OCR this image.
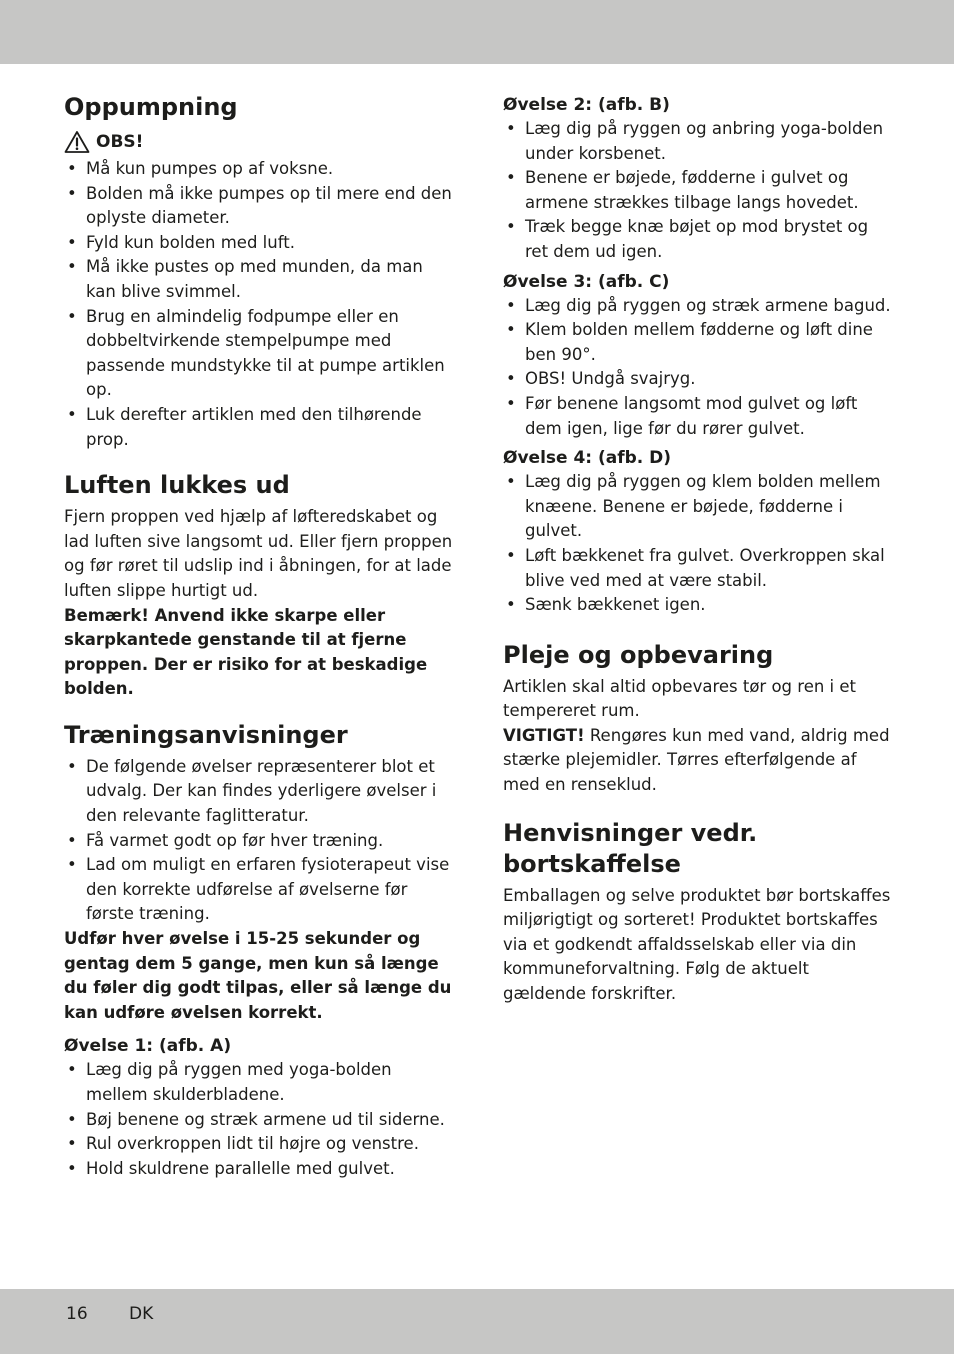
Oppumpning
OBS!
• Må kun pumpes op af voksne.
• Bolden må ikke pumpes op til mere end den oplyste diameter.
• Fyld kun bolden med luft.
• Må ikke pustes op med munden, da man kan blive svimmel.
• Brug en almindelig fodpumpe eller en dobbeltvirkende stempelpumpe med passende mundstykke til at pumpe artiklen op.
• Luk derefter artiklen med den tilhørende prop.
Luften lukkes ud

Fjern proppen ved hjælp af løfteredskabet og lad luften sive langsomt ud. Eller fjern proppen og før røret til udslip ind i åbningen, for at lade luften slippe hurtigt ud.

Bemærk! Anvend ikke skarpe eller skarpkantede genstande til at fjerne proppen. Der er risiko for at beskadige bolden.

Træningsanvisninger
• De følgende øvelser repræsenterer blot et udvalg. Der kan findes yderligere øvelser i den relevante faglitteratur.
• Få varmet godt op før hver træning.
• Lad om muligt en erfaren fysioterapeut vise den korrekte udførelse af øvelserne før første træning.

Udfør hver øvelse i 15-25 sekunder og gentag dem 5 gange, men kun så længe du føler dig godt tilpas, eller så længe du kan udføre øvelsen korrekt.

Øvelse 1: (afb. A)
• Læg dig på ryggen med yoga-bolden mellem skulderbladene.
• Bøj benene og stræk armene ud til siderne.
• Rul overkroppen lidt til højre og venstre.
• Hold skuldrene parallelle med gulvet.
Øvelse 2: (afb. B)
• Læg dig på ryggen og anbring yoga-bolden under korsbenet.
• Benene er bøjede, fødderne i gulvet og armene strækkes tilbage langs hovedet.
• Træk begge knæ bøjet op mod brystet og ret dem ud igen.
Øvelse 3: (afb. C)
• Læg dig på ryggen og stræk armene bagud.
• Klem bolden mellem fødderne og løft dine ben 90°.
• OBS! Undgå svajryg.
• Før benene langsomt mod gulvet og løft dem igen, lige før du rører gulvet.
Øvelse 4: (afb. D)
• Læg dig på ryggen og klem bolden mellem knæene. Benene er bøjede, fødderne i gulvet.
• Løft bækkenet fra gulvet. Overkroppen skal blive ved med at være stabil.
• Sænk bækkenet igen.
Pleje og opbevaring

Artiklen skal altid opbevares tør og ren i et tempereret rum.

VIGTIGT! Rengøres kun med vand, aldrig med stærke plejemidler. Tørres efterfølgende af med en renseklud.

Henvisninger vedr. bortskaffelse

Emballagen og selve produktet bør bortskaffes miljørigtigt og sorteret! Produktet bortskaffes via et godkendt affaldsselskab eller via din kommuneforvaltning. Følg de aktuelt gældende forskrifter.

16 DK
